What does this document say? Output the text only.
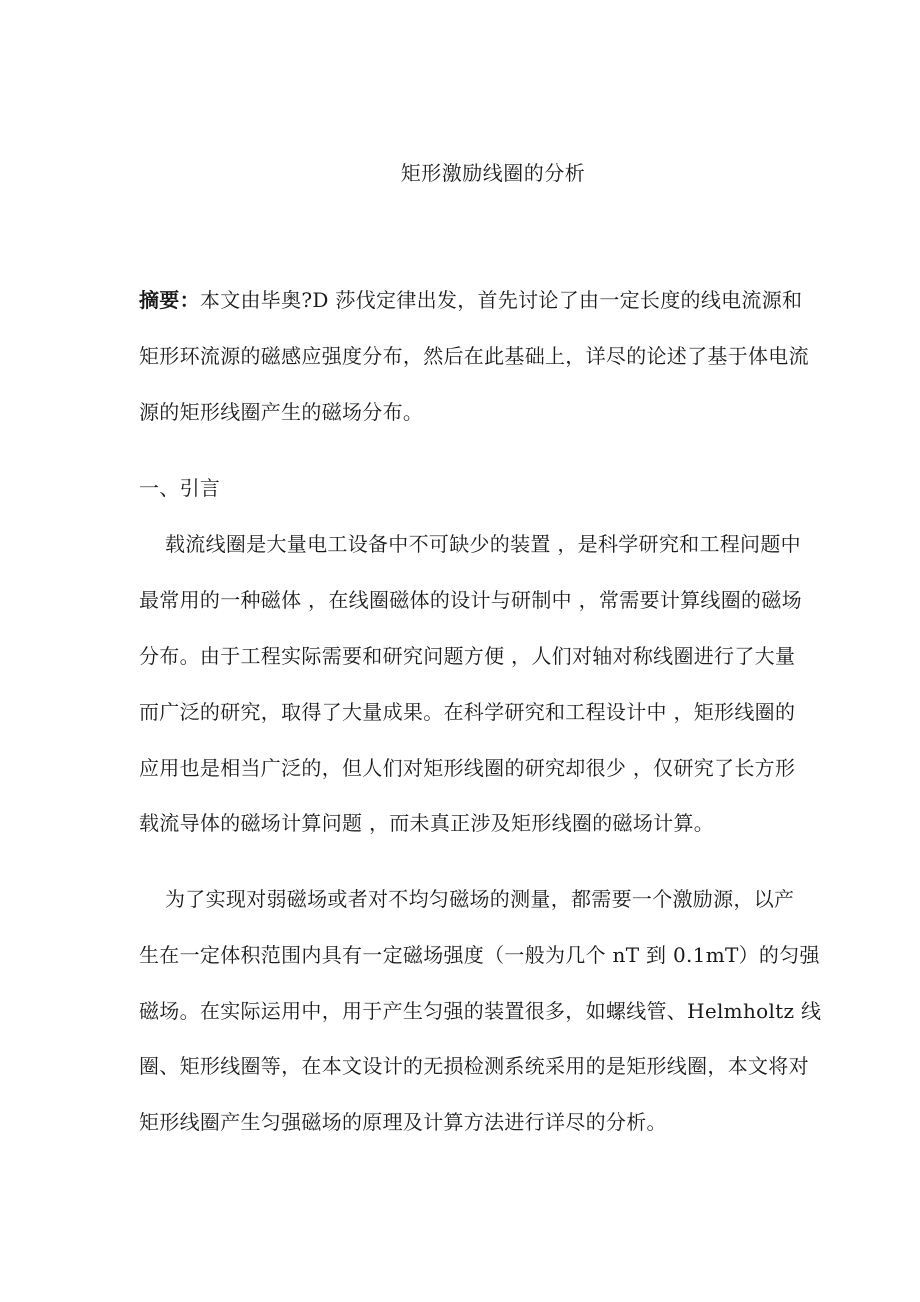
矩形激励线圈的分析
摘要：本文由毕奥?D 莎伐定律出发，首先讨论了由一定长度的线电流源和
矩形环流源的磁感应强度分布，然后在此基础上，详尽的论述了基于体电流
源的矩形线圈产生的磁场分布。
一、引言
载流线圈是大量电工设备中不可缺少的装置 ，是科学研究和工程问题中
最常用的一种磁体 ，在线圈磁体的设计与研制中 ，常需要计算线圈的磁场
分布。由于工程实际需要和研究问题方便 ，人们对轴对称线圈进行了大量
而广泛的研究，取得了大量成果。在科学研究和工程设计中 ，矩形线圈的
应用也是相当广泛的，但人们对矩形线圈的研究却很少 ，仅研究了长方形
载流导体的磁场计算问题 ，而未真正涉及矩形线圈的磁场计算。
为了实现对弱磁场或者对不均匀磁场的测量，都需要一个激励源，以产
生在一定体积范围内具有一定磁场强度（一般为几个 nT 到 0.1mT）的匀强
磁场。在实际运用中，用于产生匀强的装置很多，如螺线管、Helmholtz 线
圈、矩形线圈等，在本文设计的无损检测系统采用的是矩形线圈，本文将对
矩形线圈产生匀强磁场的原理及计算方法进行详尽的分析。
